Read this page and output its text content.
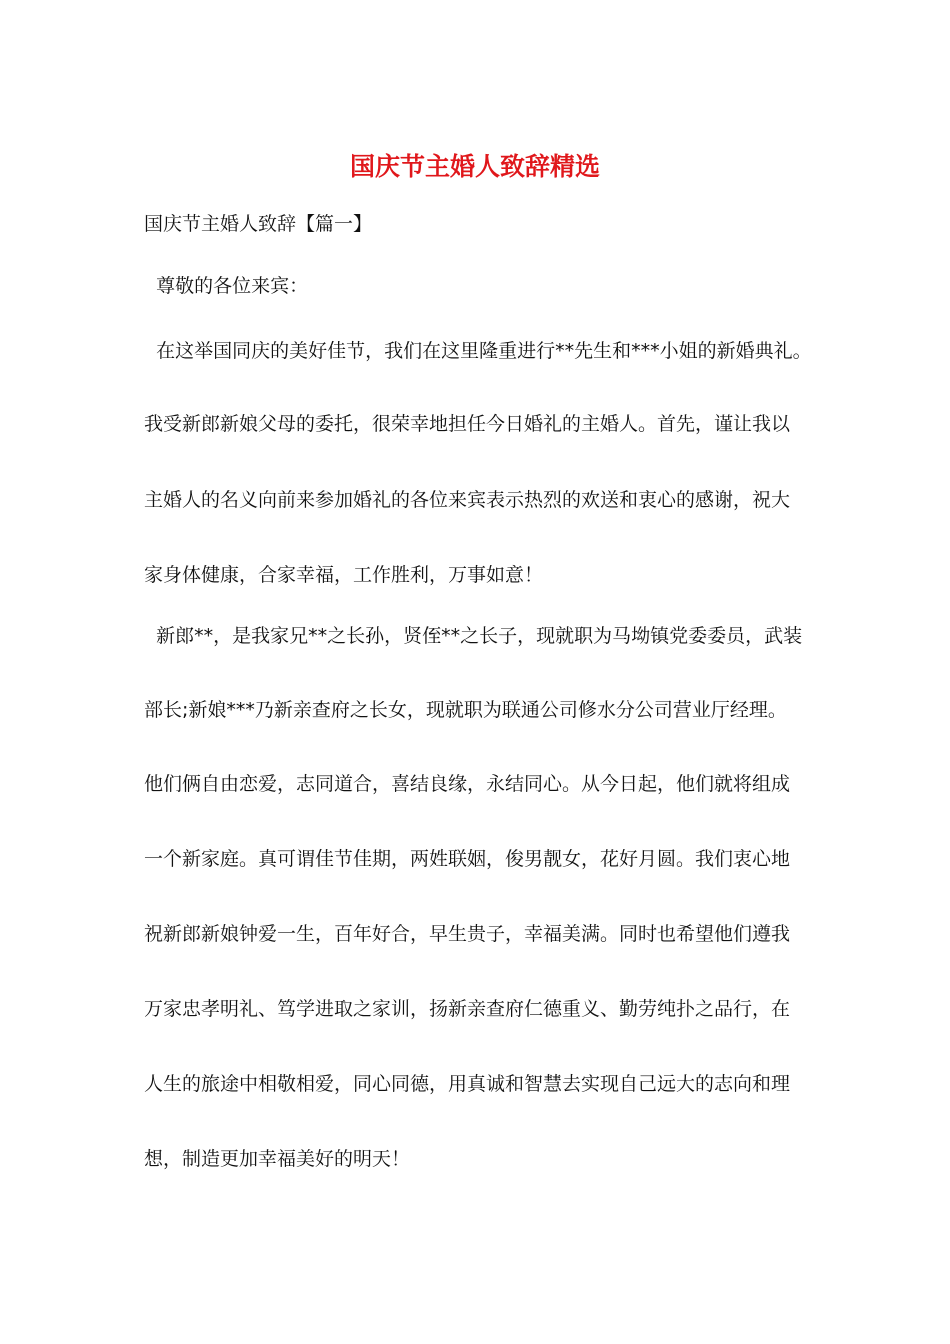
国庆节主婚人致辞精选

国庆节主婚人致辞【篇一】

尊敬的各位来宾：

在这举国同庆的美好佳节，我们在这里隆重进行**先生和***小姐的新婚典礼。

我受新郎新娘父母的委托，很荣幸地担任今日婚礼的主婚人。首先，谨让我以

主婚人的名义向前来参加婚礼的各位来宾表示热烈的欢送和衷心的感谢，祝大

家身体健康，合家幸福，工作胜利，万事如意！

新郎**，是我家兄**之长孙，贤侄**之长子，现就职为马坳镇党委委员，武装

部长;新娘***乃新亲查府之长女，现就职为联通公司修水分公司营业厅经理。

他们俩自由恋爱，志同道合，喜结良缘，永结同心。从今日起，他们就将组成

一个新家庭。真可谓佳节佳期，两姓联姻，俊男靓女，花好月圆。我们衷心地

祝新郎新娘钟爱一生，百年好合，早生贵子，幸福美满。同时也希望他们遵我

万家忠孝明礼、笃学进取之家训，扬新亲查府仁德重义、勤劳纯扑之品行，在

人生的旅途中相敬相爱，同心同德，用真诚和智慧去实现自己远大的志向和理

想，制造更加幸福美好的明天！
